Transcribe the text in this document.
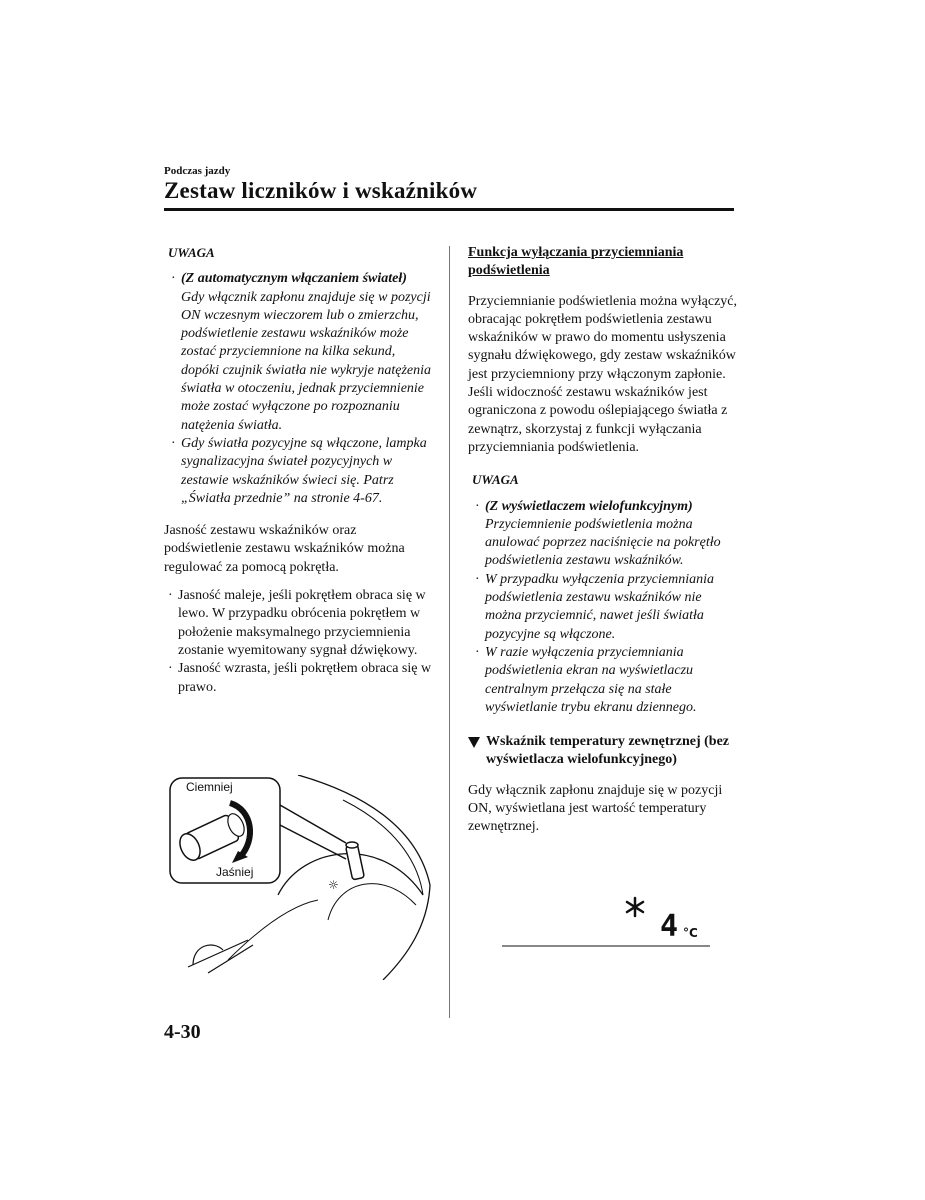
Podczas jazdy
Zestaw liczników i wskaźników
UWAGA
· (Z automatycznym włączaniem świateł)
Gdy włącznik zapłonu znajduje się w pozycji ON wczesnym wieczorem lub o zmierzchu, podświetlenie zestawu wskaźników może zostać przyciemnione na kilka sekund, dopóki czujnik światła nie wykryje natężenia światła w otoczeniu, jednak przyciemnienie może zostać wyłączone po rozpoznaniu natężenia światła.
· Gdy światła pozycyjne są włączone, lampka sygnalizacyjna świateł pozycyjnych w zestawie wskaźników świeci się. Patrz „Światła przednie” na stronie 4-67.

Jasność zestawu wskaźników oraz podświetlenie zestawu wskaźników można regulować za pomocą pokrętła.

· Jasność maleje, jeśli pokrętłem obraca się w lewo. W przypadku obrócenia pokrętłem w położenie maksymalnego przyciemnienia zostanie wyemitowany sygnał dźwiękowy.
· Jasność wzrasta, jeśli pokrętłem obraca się w prawo.
☼
Ciemniej
Jaśniej
Funkcja wyłączania przyciemniania podświetlenia

Przyciemnianie podświetlenia można wyłączyć, obracając pokrętłem podświetlenia zestawu wskaźników w prawo do momentu usłyszenia sygnału dźwiękowego, gdy zestaw wskaźników jest przyciemniony przy włączonym zapłonie. Jeśli widoczność zestawu wskaźników jest ograniczona z powodu oślepiającego światła z zewnątrz, skorzystaj z funkcji wyłączania przyciemniania podświetlenia.

UWAGA
· (Z wyświetlaczem wielofunkcyjnym)
Przyciemnienie podświetlenia można anulować poprzez naciśnięcie na pokrętło podświetlenia zestawu wskaźników.
· W przypadku wyłączenia przyciemniania podświetlenia zestawu wskaźników nie można przyciemnić, nawet jeśli światła pozycyjne są włączone.
· W razie wyłączenia przyciemniania podświetlenia ekran na wyświetlaczu centralnym przełącza się na stałe wyświetlanie trybu ekranu dziennego.
Wskaźnik temperatury zewnętrznej (bez wyświetlacza wielofunkcyjnego)

Gdy włącznik zapłonu znajduje się w pozycji ON, wyświetlana jest wartość temperatury zewnętrznej.

4 °C
4-30
